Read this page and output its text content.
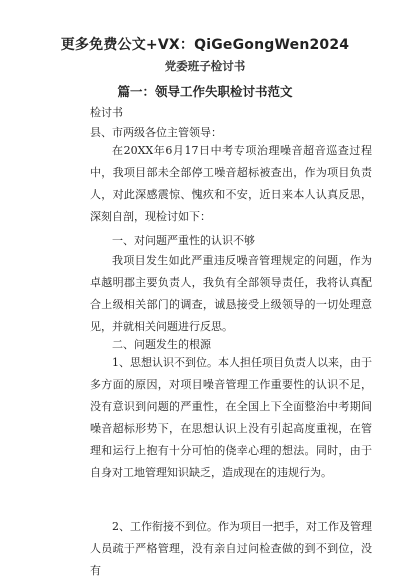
更多免费公文+VX：QiGeGongWen2024
党委班子检讨书
篇一：领导工作失职检讨书范文
检讨书
县、市两级各位主管领导：
在20XX年6月17日中考专项治理噪音超音巡查过程中，我项目部未全部停工噪音超标被查出，作为项目负责人，对此深感震惊、愧疚和不安，近日来本人认真反思，深刻自剖，现检讨如下：
一、对问题严重性的认识不够
我项目发生如此严重违反噪音管理规定的问题，作为卓越明郡主要负责人，我负有全部领导责任，我将认真配合上级相关部门的调查，诚恳接受上级领导的一切处理意见，并就相关问题进行反思。
二、问题发生的根源
1、思想认识不到位。本人担任项目负责人以来，由于多方面的原因，对项目噪音管理工作重要性的认识不足，没有意识到问题的严重性，在全国上下全面整治中考期间噪音超标形势下，在思想认识上没有引起高度重视，在管理和运行上抱有十分可怕的侥幸心理的想法。同时，由于自身对工地管理知识缺乏，造成现在的违规行为。
2、工作衔接不到位。作为项目一把手，对工作及管理人员疏于严格管理，没有亲自过问检查做的到不到位，没有
